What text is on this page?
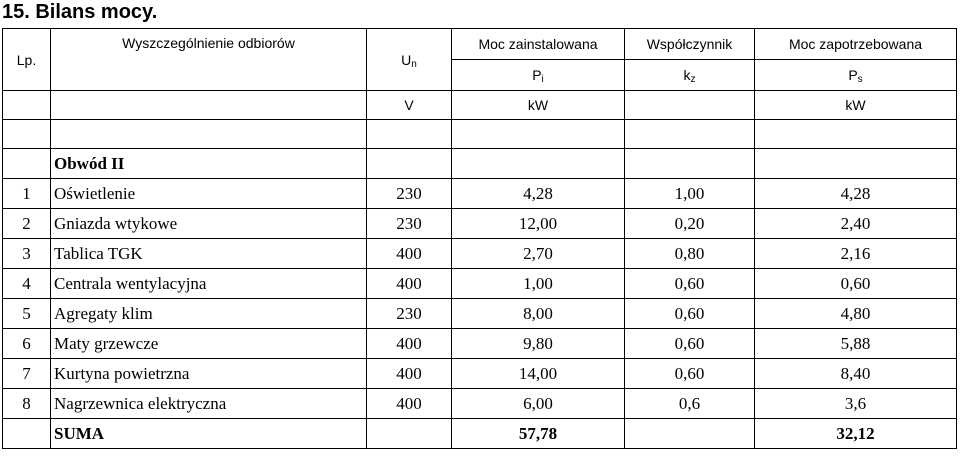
15. Bilans mocy.
Lp.	Wyszczególnienie odbiorów	$U_n$	Moc zainstalowana	Współczynnik	Moc zapotrzebowana
			$P_i$	$k_z$	$P_s$
		V	kW		kW

	Obwód II				
1	Oświetlenie	230	4,28	1,00	4,28
2	Gniazda wtykowe	230	12,00	0,20	2,40
3	Tablica TGK	400	2,70	0,80	2,16
4	Centrala wentylacyjna	400	1,00	0,60	0,60
5	Agregaty klim	230	8,00	0,60	4,80
6	Maty grzewcze	400	9,80	0,60	5,88
7	Kurtyna powietrzna	400	14,00	0,60	8,40
8	Nagrzewnica elektryczna	400	6,00	0,6	3,6
	SUMA		57,78		32,12
